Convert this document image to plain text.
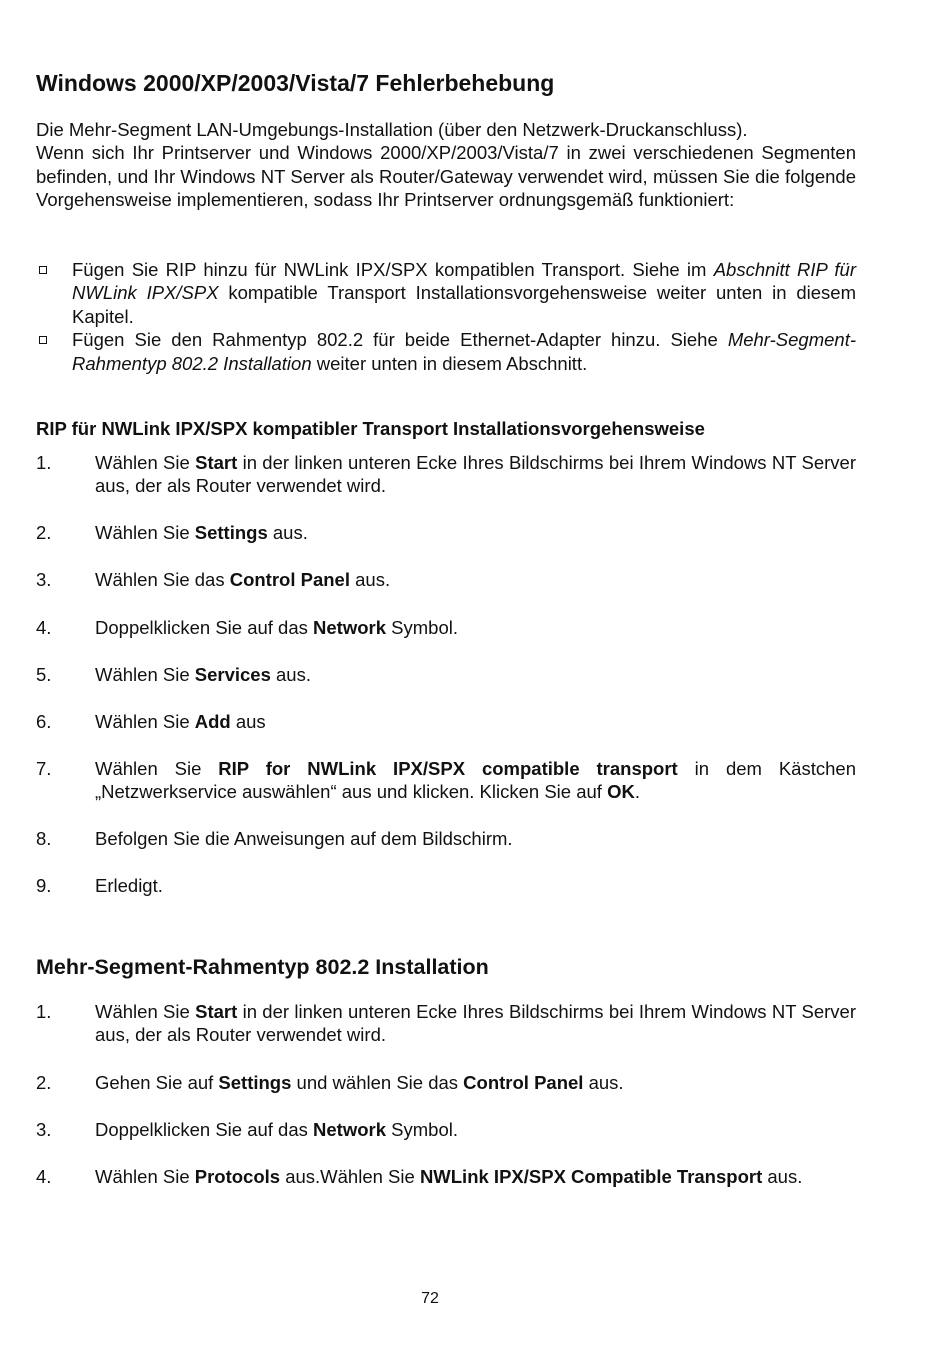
Windows 2000/XP/2003/Vista/7 Fehlerbehebung
Die Mehr-Segment LAN-Umgebungs-Installation (über den Netzwerk-Druckanschluss).
Wenn sich Ihr Printserver und Windows 2000/XP/2003/Vista/7 in zwei verschiedenen Segmenten befinden, und Ihr Windows NT Server als Router/Gateway verwendet wird, müssen Sie die folgende Vorgehensweise implementieren, sodass Ihr Printserver ordnungsgemäß funktioniert:
Fügen Sie RIP hinzu für NWLink IPX/SPX kompatiblen Transport. Siehe im Abschnitt RIP für NWLink IPX/SPX kompatible Transport Installationsvorgehensweise weiter unten in diesem Kapitel.
Fügen Sie den Rahmentyp 802.2 für beide Ethernet-Adapter hinzu. Siehe Mehr-Segment-Rahmentyp 802.2 Installation weiter unten in diesem Abschnitt.
RIP für NWLink IPX/SPX kompatibler Transport Installationsvorgehensweise
1. Wählen Sie Start in der linken unteren Ecke Ihres Bildschirms bei Ihrem Windows NT Server aus, der als Router verwendet wird.
2. Wählen Sie Settings aus.
3. Wählen Sie das Control Panel aus.
4. Doppelklicken Sie auf das Network Symbol.
5. Wählen Sie Services aus.
6. Wählen Sie Add aus
7. Wählen Sie RIP for NWLink IPX/SPX compatible transport in dem Kästchen „Netzwerkservice auswählen“ aus und klicken. Klicken Sie auf OK.
8. Befolgen Sie die Anweisungen auf dem Bildschirm.
9. Erledigt.
Mehr-Segment-Rahmentyp 802.2 Installation
1. Wählen Sie Start in der linken unteren Ecke Ihres Bildschirms bei Ihrem Windows NT Server aus, der als Router verwendet wird.
2. Gehen Sie auf Settings und wählen Sie das Control Panel aus.
3. Doppelklicken Sie auf das Network Symbol.
4. Wählen Sie Protocols aus.Wählen Sie NWLink IPX/SPX Compatible Transport aus.
72
